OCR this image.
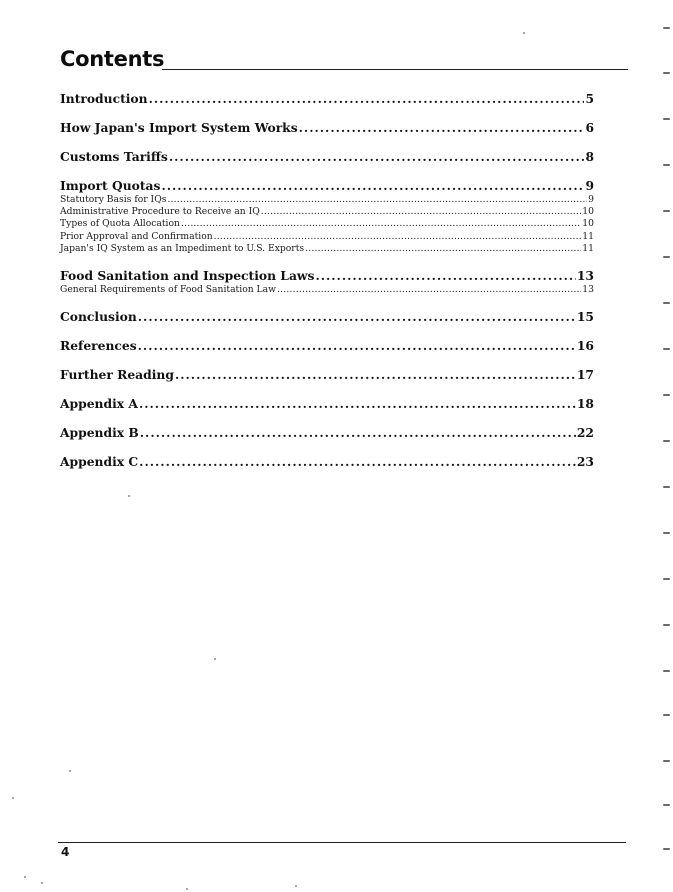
Contents
Introduction .....	5
How Japan's Import System Works .....	6
Customs Tariffs .....	8
Import Quotas .....	9
Statutory Basis for IQs .....	9
Administrative Procedure to Receive an IQ .....	10
Types of Quota Allocation .....	10
Prior Approval and Confirmation .....	11
Japan's IQ System as an Impediment to U.S. Exports .....	11
Food Sanitation and Inspection Laws .....	13
General Requirements of Food Sanitation Law .....	13
Conclusion .....	15
References .....	16
Further Reading .....	17
Appendix A .....	18
Appendix B .....	22
Appendix C .....	23
4
